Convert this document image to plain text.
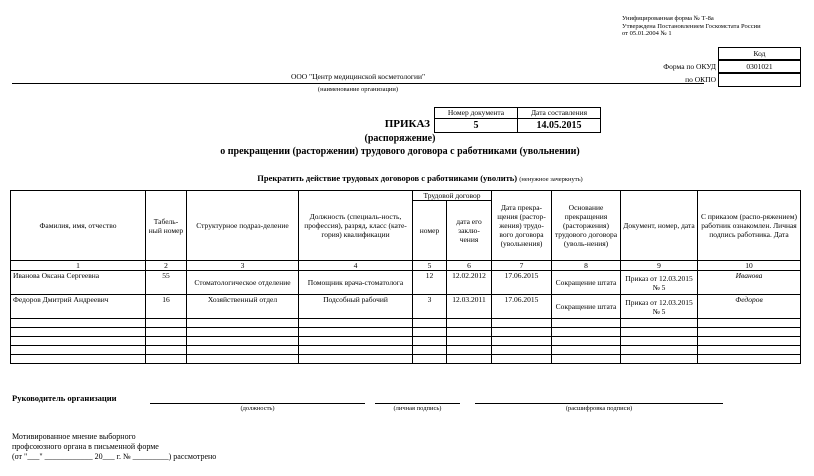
Унифицированная форма № Т-8а
Утверждена Постановлением Госкомстата России
от 05.01.2004 № 1
Код
Форма по ОКУД	0301021
по ОКПО
ООО "Центр медицинской косметологии"
(наименование организации)
Номер документа	Дата составления
5	14.05.2015
ПРИКАЗ
(распоряжение)
о прекращении (расторжении) трудового договора с работниками (увольнении)
Прекратить действие трудовых договоров с работниками (уволить) (ненужное зачеркнуть)
Фамилия, имя, отчество	Табель-ный номер	Структурное подраз-деление	Должность (специаль-ность, профессия), разряд, класс (кате-гория) квалификации	Трудовой договор		Дата прекра-щения (растор-жения) трудо-вого договора (увольнения)	Основание прекращения (расторжения) трудового договора (уволь-нения)	Документ, номер, дата	С приказом (распо-ряжением) работник ознакомлен. Личная подпись работника. Дата
				номер	дата его заклю-чения				
1	2	3	4	5	6	7	8	9	10
Иванова Оксана Сергеевна	55	Стоматологическое отделение	Помощник врача-стоматолога	12	12.02.2012	17.06.2015	Сокращение штата	Приказ от 12.03.2015 № 5	Иванова
Федоров Дмитрий Андреевич	16	Хозяйственный отдел	Подсобный рабочий	3	12.03.2011	17.06.2015	Сокращение штата	Приказ от 12.03.2015 № 5	Федоров

Руководитель организации
(должность)	(личная подпись)	(расшифровка подписи)
Мотивированное мнение выборного
профсоюзного органа в письменной форме
(от "___" ____________ 20___ г. № _________) рассмотрено
